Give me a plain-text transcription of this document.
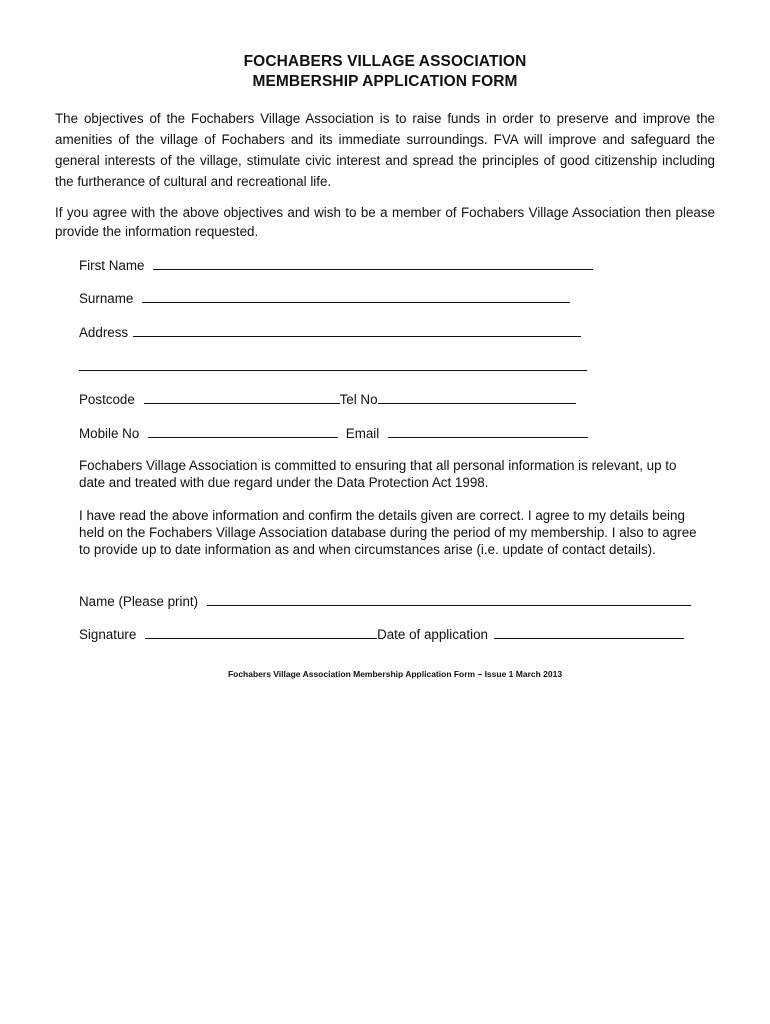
FOCHABERS VILLAGE ASSOCIATION
MEMBERSHIP APPLICATION FORM
The objectives of the Fochabers Village Association is to raise funds in order to preserve and improve the amenities of the village of Fochabers and its immediate surroundings. FVA will improve and safeguard the general interests of the village, stimulate civic interest and spread the principles of good citizenship including the furtherance of cultural and recreational life.
If you agree with the above objectives and wish to be a member of Fochabers Village Association then please provide the information requested.
First Name
Surname
Address
Postcode	Tel No
Mobile No	Email
Fochabers Village Association is committed to ensuring that all personal information is relevant, up to date and treated with due regard under the Data Protection Act 1998.
I have read the above information and confirm the details given are correct. I agree to my details being held on the Fochabers Village Association database during the period of my membership. I also to agree to provide up to date information as and when circumstances arise (i.e. update of contact details).
Name (Please print)
Signature	Date of application
Fochabers Village Association Membership Application Form – Issue 1 March 2013
